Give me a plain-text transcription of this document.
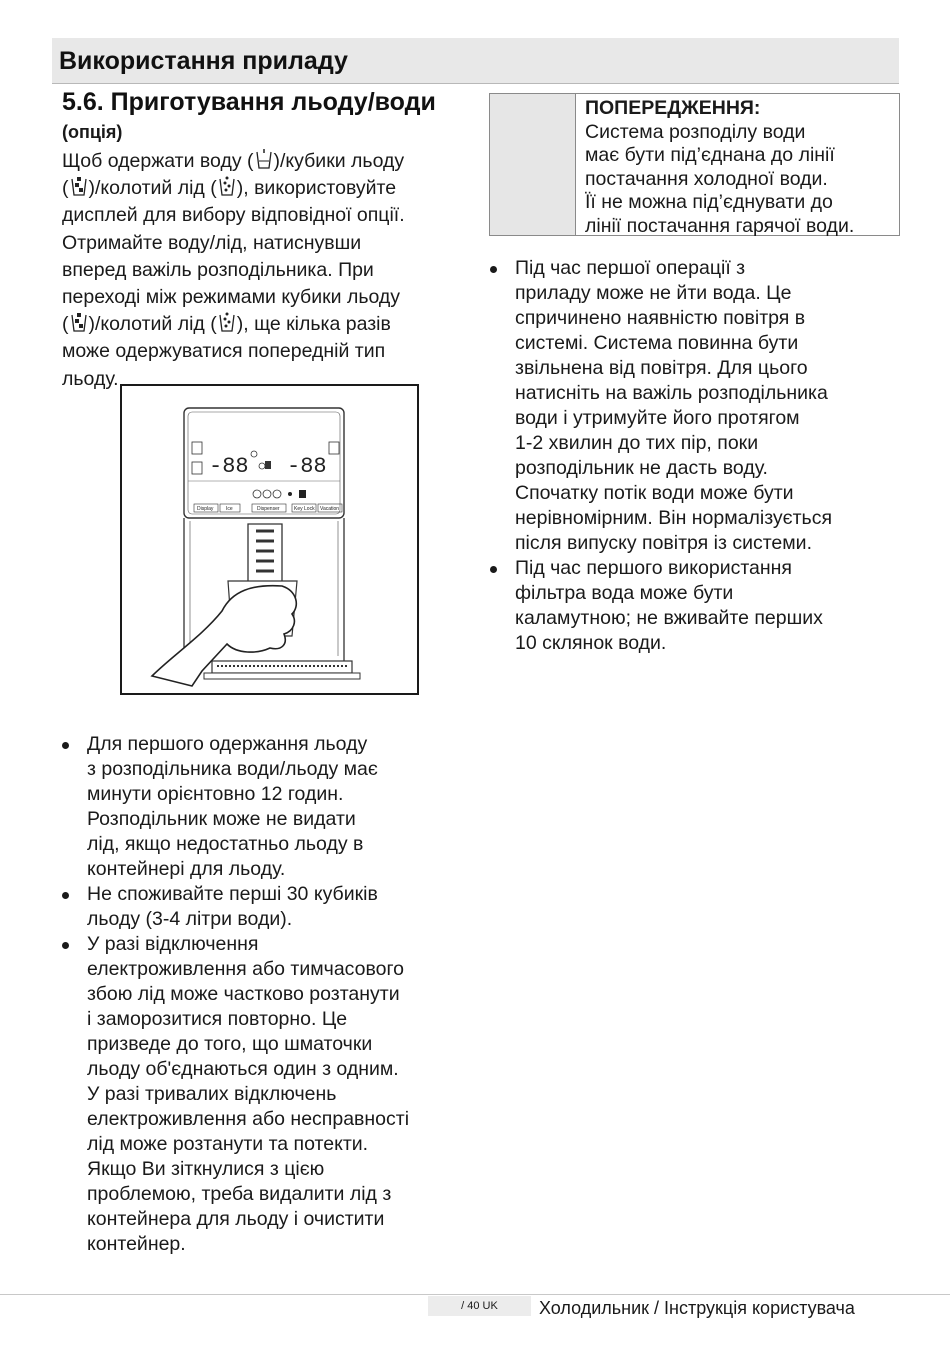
Використання приладу
5.6. Приготування льоду/води
(опція)
Щоб одержати воду ( )/кубики льоду
( )/колотий лід ( ), використовуйте
дисплей для вибору відповідної опції.
Отримайте воду/лід, натиснувши
вперед важіль розподільника. При
переході між режимами кубики льоду
( )/колотий лід ( ), ще кілька разів
може одержуватися попередній тип
льоду.
-88 -88
Display	Ice	Dispenser	Key Lock Vacation
ПОПЕРЕДЖЕННЯ:
Система розподілу води
має бути під’єднана до лінії
постачання холодної води.
Її не можна під’єднувати до
лінії постачання гарячої води.
Під час першої операції з
приладу може не йти вода. Це
спричинено наявністю повітря в
системі. Система повинна бути
звільнена від повітря. Для цього
натисніть на важіль розподільника
води і утримуйте його протягом
1-2 хвилин до тих пір, поки
розподільник не дасть воду.
Спочатку потік води може бути
нерівномірним. Він нормалізується
після випуску повітря із системи.
Під час першого використання
фільтра вода може бути
каламутною; не вживайте перших
10 склянок води.
Для першого одержання льоду
з розподільника води/льоду має
минути орієнтовно 12 годин.
Розподільник може не видати
лід, якщо недостатньо льоду в
контейнері для льоду.
Не споживайте перші 30 кубиків
льоду (3-4 літри води).
У разі відключення
електроживлення або тимчасового
збою лід може частково розтанути
і заморозитися повторно. Це
призведе до того, що шматочки
льоду об'єднаються один з одним.
У разі тривалих відключень
електроживлення або несправності
лід може розтанути та потекти.
Якщо Ви зіткнулися з цією
проблемою, треба видалити лід з
контейнера для льоду і очистити
контейнер.
/ 40 UK	Холодильник / Інструкція користувача
